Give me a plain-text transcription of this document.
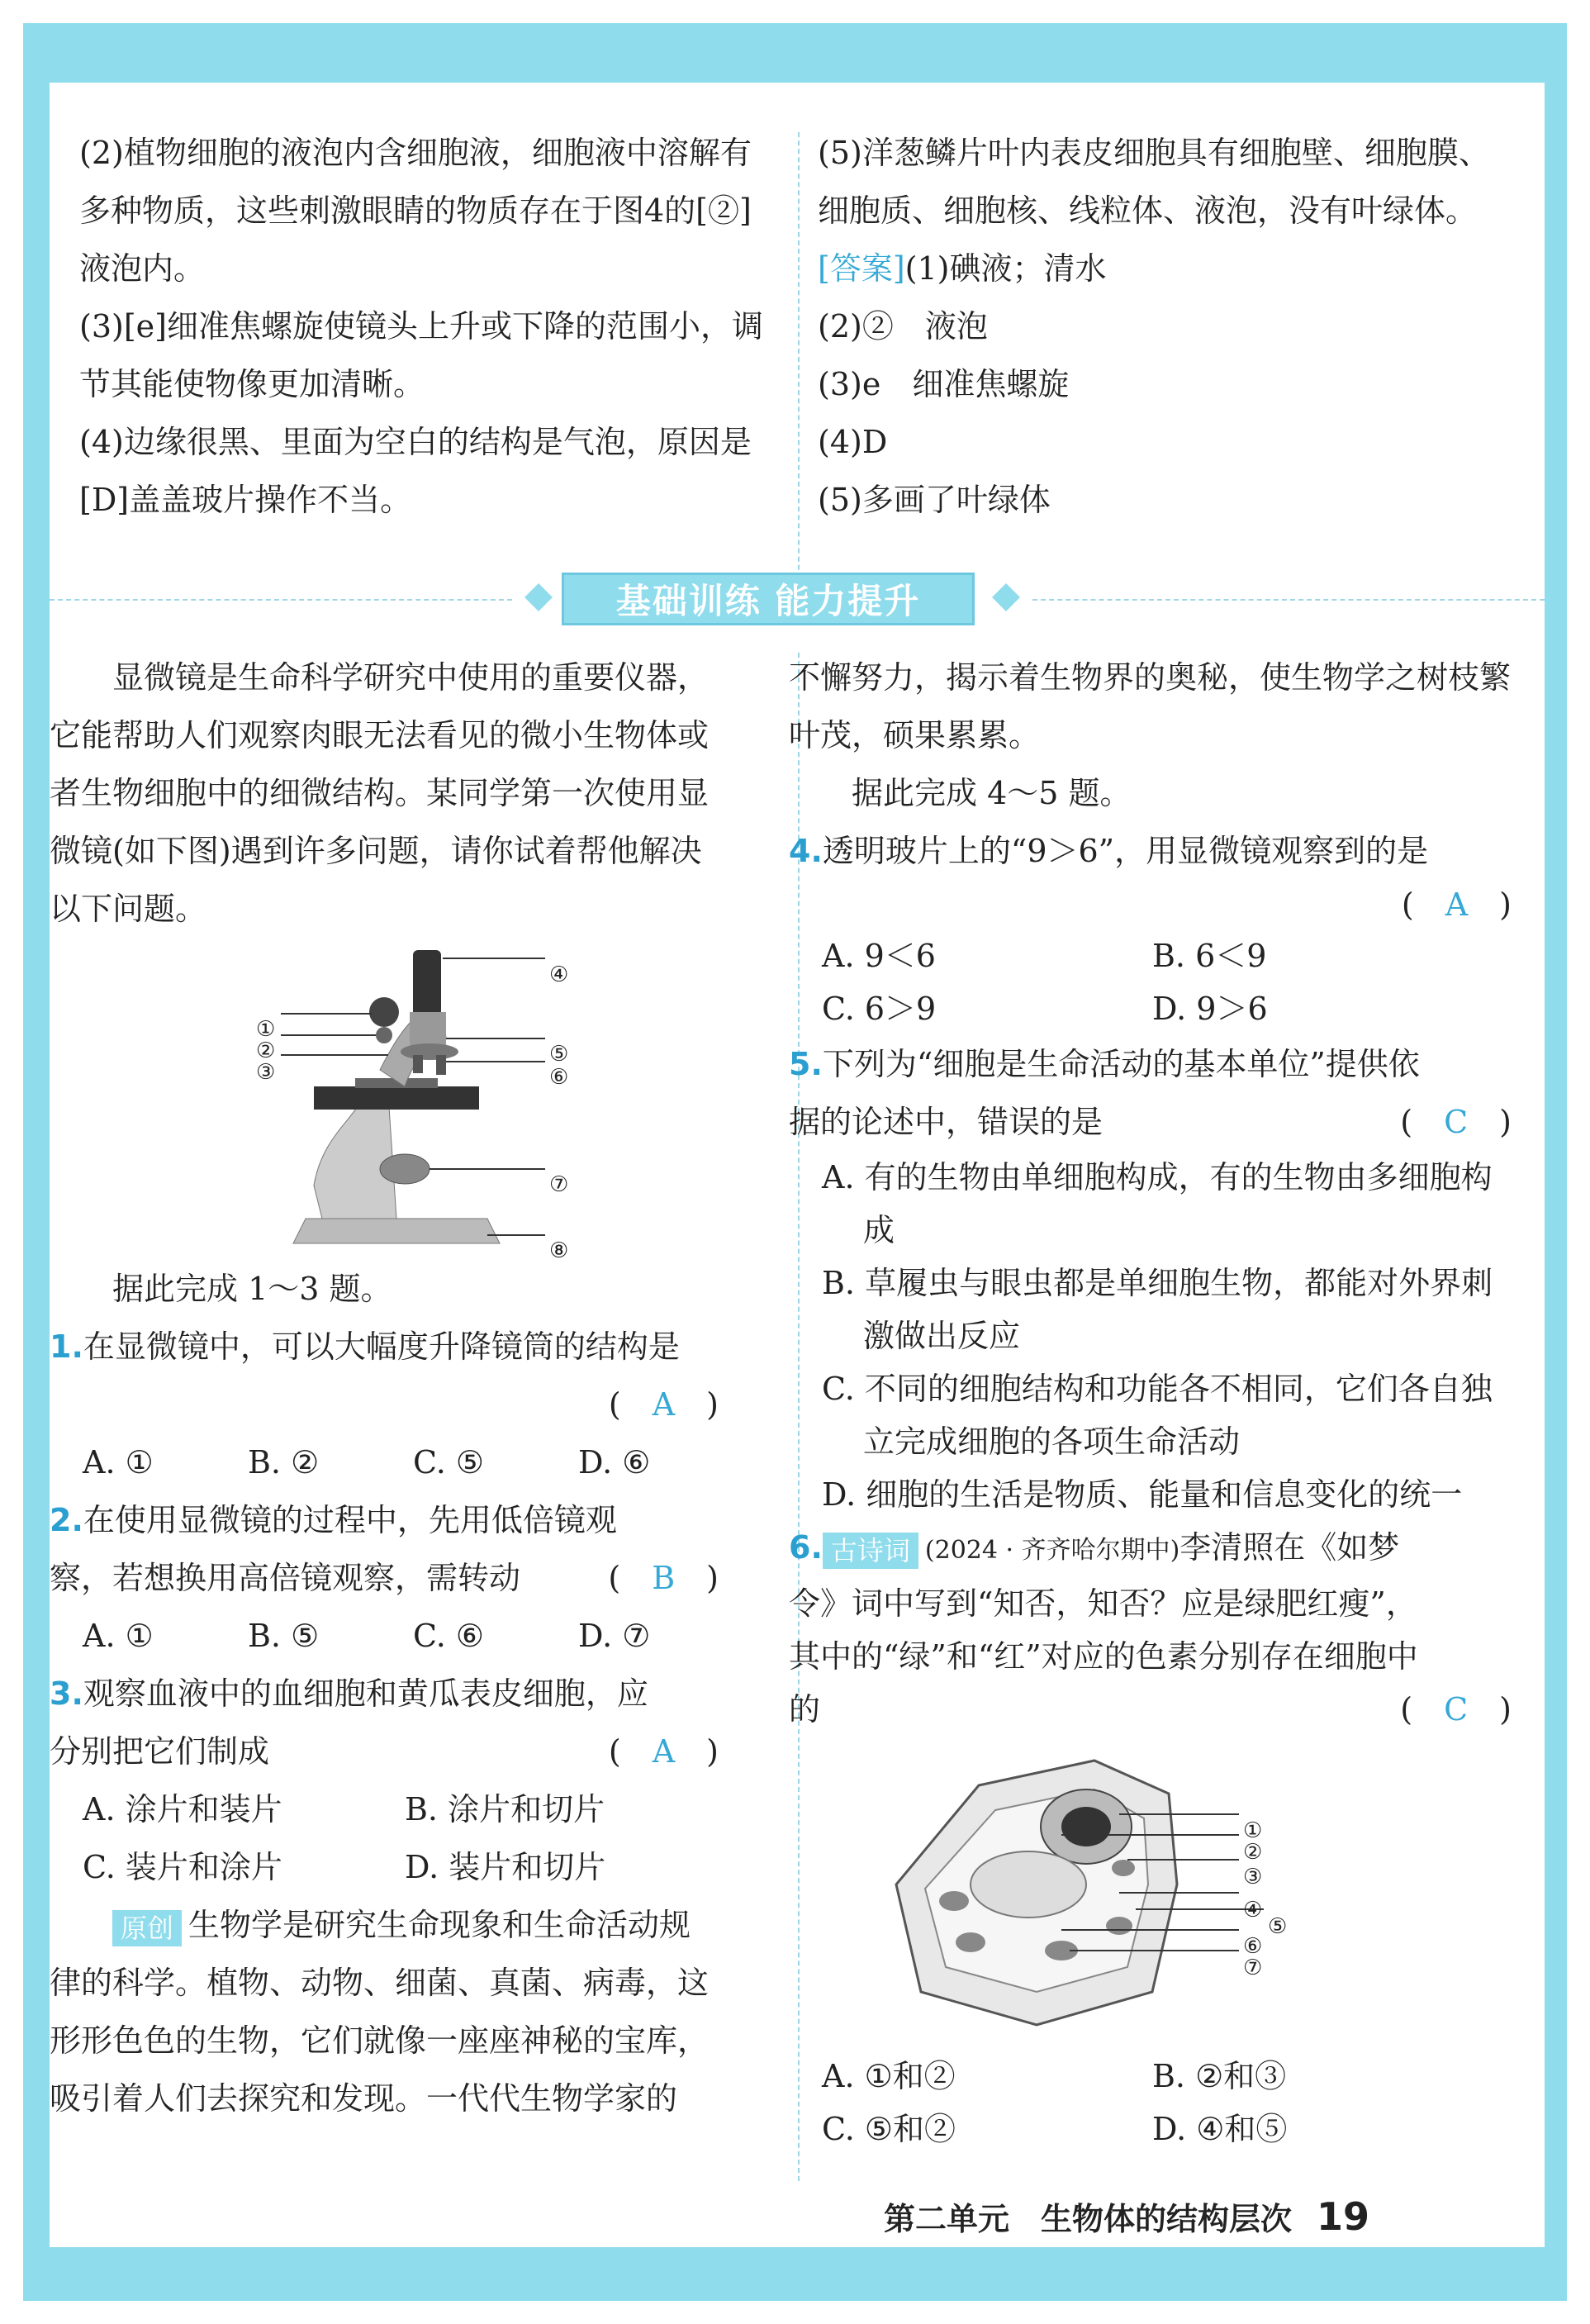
(2)植物细胞的液泡内含细胞液，细胞液中溶解有多种物质，这些刺激眼睛的物质存在于图4的[②]液泡内。

(3)[e]细准焦螺旋使镜头上升或下降的范围小，调节其能使物像更加清晰。

(4)边缘很黑、里面为空白的结构是气泡，原因是[D]盖盖玻片操作不当。

(5)洋葱鳞片叶内表皮细胞具有细胞壁、细胞膜、细胞质、细胞核、线粒体、液泡，没有叶绿体。

[答案](1)碘液；清水

(2)②　液泡

(3)e　细准焦螺旋

(4)D

(5)多画了叶绿体

基础训练 能力提升

显微镜是生命科学研究中使用的重要仪器，它能帮助人们观察肉眼无法看见的微小生物体或者生物细胞中的细微结构。某同学第一次使用显微镜(如下图)遇到许多问题，请你试着帮他解决以下问题。

④
①
②
③
⑤
⑥
⑦
⑧

据此完成 1～3 题。

1.在显微镜中，可以大幅度升降镜筒的结构是

(　A　)

A. ①	B. ②	C. ⑤	D. ⑥

2.在使用显微镜的过程中，先用低倍镜观察，若想换用高倍镜观察，需转动	(　B　)

A. ①	B. ⑤	C. ⑥	D. ⑦

3.观察血液中的血细胞和黄瓜表皮细胞，应分别把它们制成	(　A　)

A. 涂片和装片	B. 涂片和切片
C. 装片和涂片	D. 装片和切片

原创 生物学是研究生命现象和生命活动规律的科学。植物、动物、细菌、真菌、病毒，这形形色色的生物，它们就像一座座神秘的宝库，吸引着人们去探究和发现。一代代生物学家的

不懈努力，揭示着生物界的奥秘，使生物学之树枝繁叶茂，硕果累累。

据此完成 4～5 题。

4.透明玻片上的“9＞6”，用显微镜观察到的是

(　A　)

A. 9＜6	B. 6＜9
C. 6＞9	D. 9＞6

5.下列为“细胞是生命活动的基本单位”提供依据的论述中，错误的是	(　C　)

A. 有的生物由单细胞构成，有的生物由多细胞构成

B. 草履虫与眼虫都是单细胞生物，都能对外界刺激做出反应

C. 不同的细胞结构和功能各不相同，它们各自独立完成细胞的各项生命活动

D. 细胞的生活是物质、能量和信息变化的统一

6. 古诗词 (2024 · 齐齐哈尔期中)李清照在《如梦令》词中写到“知否，知否？应是绿肥红瘦”，其中的“绿”和“红”对应的色素分别存在细胞中的	(　C　)

①
②
③
④
⑤
⑥
⑦

A. ①和②	B. ②和③
C. ⑤和②	D. ④和⑤

第二单元　生物体的结构层次 19
